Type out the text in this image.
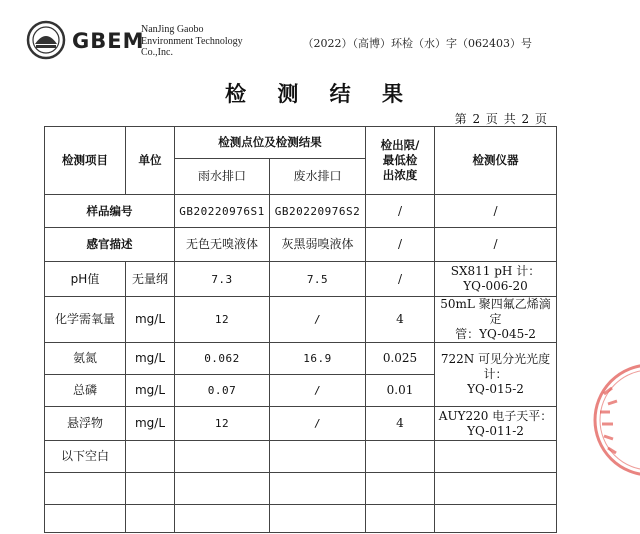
GBEM
NanJing Gaobo
Environment Technology
Co.,Inc.
（2022）（高博）环检（水）字（062403）号
检 测 结 果
第 2 页 共 2 页
检测项目	单位	检测点位及检测结果		检出限/
最低检
出浓度	检测仪器
		雨水排口	废水排口		
样品编号		GB20220976S1	GB20220976S2	/	/
感官描述		无色无嗅液体	灰黑弱嗅液体	/	/
pH值	无量纲	7.3	7.5	/	SX811 pH 计：
YQ-006-20

化学需氧量	mg/L	12	/	4	50mL 聚四氟乙烯滴定
管：YQ-045-2

氨氮	mg/L	0.062	16.9	0.025	722N 可见分光光度计：
YQ-015-2

总磷	mg/L	0.07	/	0.01	
悬浮物	mg/L	12	/	4	AUY220 电子天平：
YQ-011-2

以下空白					
